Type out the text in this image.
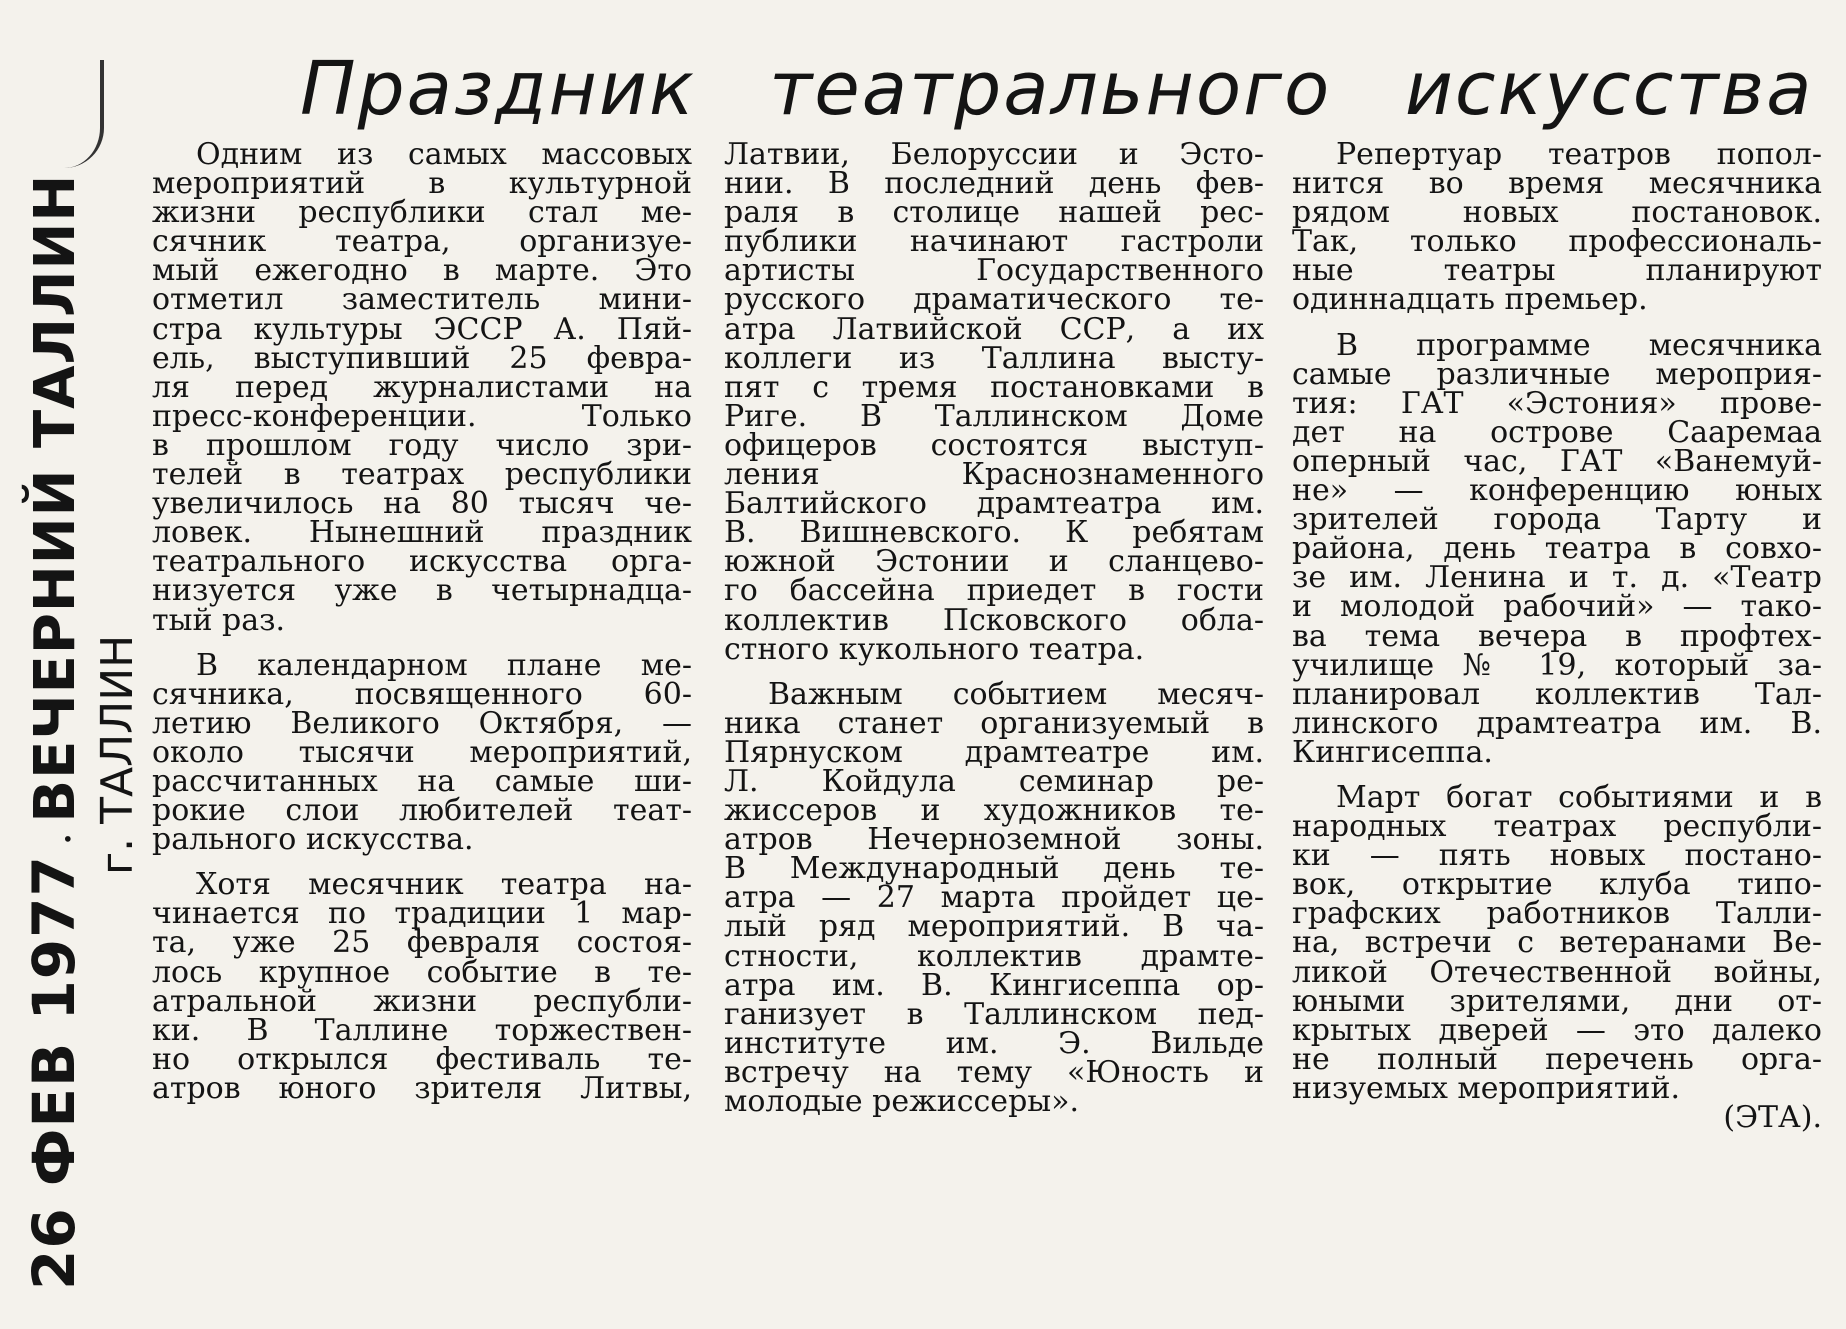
26 ФЕВ 1977  •  ВЕЧЕРНИЙ ТАЛЛИН г. ТАЛЛИН
Праздник театрального искусства

Одним из самых массовых
мероприятий в культурной
жизни республики стал ме-
сячник театра, организуе-
мый ежегодно в марте. Это
отметил заместитель мини-
стра культуры ЭССР А. Пяй-
ель, выступивший 25 февра-
ля перед журналистами на
пресс-конференции. Только
в прошлом году число зри-
телей в театрах республики
увеличилось на 80 тысяч че-
ловек. Нынешний праздник
театрального искусства орга-
низуется уже в четырнадца-
тый раз.

В календарном плане ме-
сячника, посвященного 60-
летию Великого Октября, —
около тысячи мероприятий,
рассчитанных на самые ши-
рокие слои любителей теат-
рального искусства.

Хотя месячник театра на-
чинается по традиции 1 мар-
та, уже 25 февраля состоя-
лось крупное событие в те-
атральной жизни республи-
ки. В Таллине торжествен-
но открылся фестиваль те-
атров юного зрителя Литвы,

Латвии, Белоруссии и Эсто-
нии. В последний день фев-
раля в столице нашей рес-
публики начинают гастроли
артисты Государственного
русского драматического те-
атра Латвийской ССР, а их
коллеги из Таллина высту-
пят с тремя постановками в
Риге. В Таллинском Доме
офицеров состоятся выступ-
ления Краснознаменного
Балтийского драмтеатра им.
В. Вишневского. К ребятам
южной Эстонии и сланцево-
го бассейна приедет в гости
коллектив Псковского обла-
стного кукольного театра.

Важным событием месяч-
ника станет организуемый в
Пярнуском драмтеатре им.
Л. Койдула семинар ре-
жиссеров и художников те-
атров Нечерноземной зоны.
В Международный день те-
атра — 27 марта пройдет це-
лый ряд мероприятий. В ча-
стности, коллектив драмте-
атра им. В. Кингисеппа ор-
ганизует в Таллинском пед-
институте им. Э. Вильде
встречу на тему «Юность и
молодые режиссеры».

Репертуар театров попол-
нится во время месячника
рядом новых постановок.
Так, только профессиональ-
ные театры планируют
одиннадцать премьер.

В программе месячника
самые различные мероприя-
тия: ГАТ «Эстония» прове-
дет на острове Сааремаа
оперный час, ГАТ «Ванемуй-
не» — конференцию юных
зрителей города Тарту и
района, день театра в совхо-
зе им. Ленина и т. д. «Театр
и молодой рабочий» — тако-
ва тема вечера в профтех-
училище № 19, который за-
планировал коллектив Тал-
линского драмтеатра им. В.
Кингисеппа.

Март богат событиями и в
народных театрах республи-
ки — пять новых постано-
вок, открытие клуба типо-
графских работников Талли-
на, встречи с ветеранами Ве-
ликой Отечественной войны,
юными зрителями, дни от-
крытых дверей — это далеко
не полный перечень орга-
низуемых мероприятий.
(ЭТА).
